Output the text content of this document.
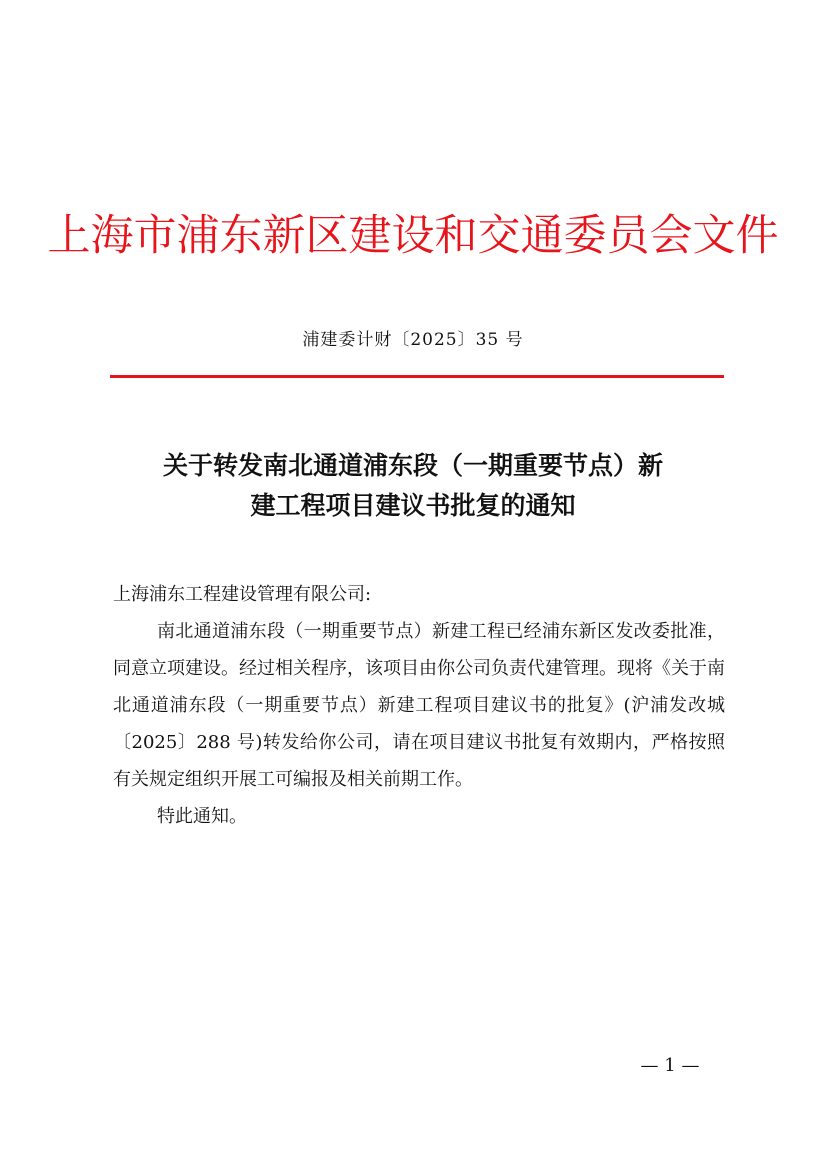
上海市浦东新区建设和交通委员会文件
浦建委计财〔2025〕35 号
关于转发南北通道浦东段（一期重要节点）新
建工程项目建议书批复的通知

上海浦东工程建设管理有限公司:

南北通道浦东段（一期重要节点）新建工程已经浦东新区发改委批准，同意立项建设。经过相关程序，该项目由你公司负责代建管理。现将《关于南北通道浦东段（一期重要节点）新建工程项目建议书的批复》(沪浦发改城〔2025〕288 号)转发给你公司，请在项目建议书批复有效期内，严格按照有关规定组织开展工可编报及相关前期工作。

特此通知。

— 1 —
